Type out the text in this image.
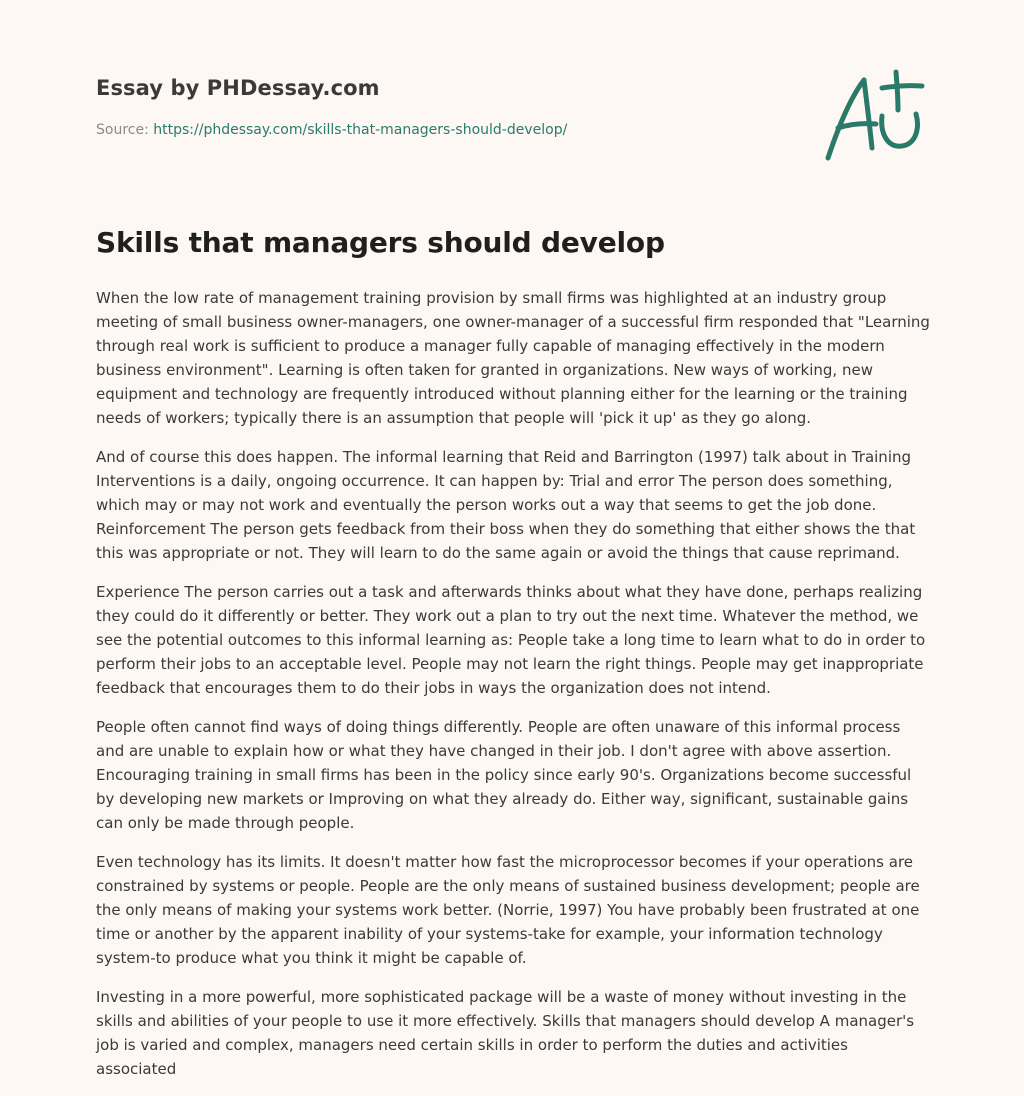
Essay by PHDessay.com
Source: https://phdessay.com/skills-that-managers-should-develop/
Skills that managers should develop

When the low rate of management training provision by small firms was highlighted at an industry group meeting of small business owner-managers, one owner-manager of a successful firm responded that "Learning through real work is sufficient to produce a manager fully capable of managing effectively in the modern business environment". Learning is often taken for granted in organizations. New ways of working, new equipment and technology are frequently introduced without planning either for the learning or the training needs of workers; typically there is an assumption that people will 'pick it up' as they go along.

And of course this does happen. The informal learning that Reid and Barrington (1997) talk about in Training Interventions is a daily, ongoing occurrence. It can happen by: Trial and error The person does something, which may or may not work and eventually the person works out a way that seems to get the job done. Reinforcement The person gets feedback from their boss when they do something that either shows the that this was appropriate or not. They will learn to do the same again or avoid the things that cause reprimand.

Experience The person carries out a task and afterwards thinks about what they have done, perhaps realizing they could do it differently or better. They work out a plan to try out the next time. Whatever the method, we see the potential outcomes to this informal learning as: People take a long time to learn what to do in order to perform their jobs to an acceptable level. People may not learn the right things. People may get inappropriate feedback that encourages them to do their jobs in ways the organization does not intend.

People often cannot find ways of doing things differently. People are often unaware of this informal process and are unable to explain how or what they have changed in their job. I don't agree with above assertion. Encouraging training in small firms has been in the policy since early 90's. Organizations become successful by developing new markets or Improving on what they already do. Either way, significant, sustainable gains can only be made through people.

Even technology has its limits. It doesn't matter how fast the microprocessor becomes if your operations are constrained by systems or people. People are the only means of sustained business development; people are the only means of making your systems work better. (Norrie, 1997) You have probably been frustrated at one time or another by the apparent inability of your systems-take for example, your information technology system-to produce what you think it might be capable of.

Investing in a more powerful, more sophisticated package will be a waste of money without investing in the skills and abilities of your people to use it more effectively. Skills that managers should develop A manager's job is varied and complex, managers need certain skills in order to perform the duties and activities associated
